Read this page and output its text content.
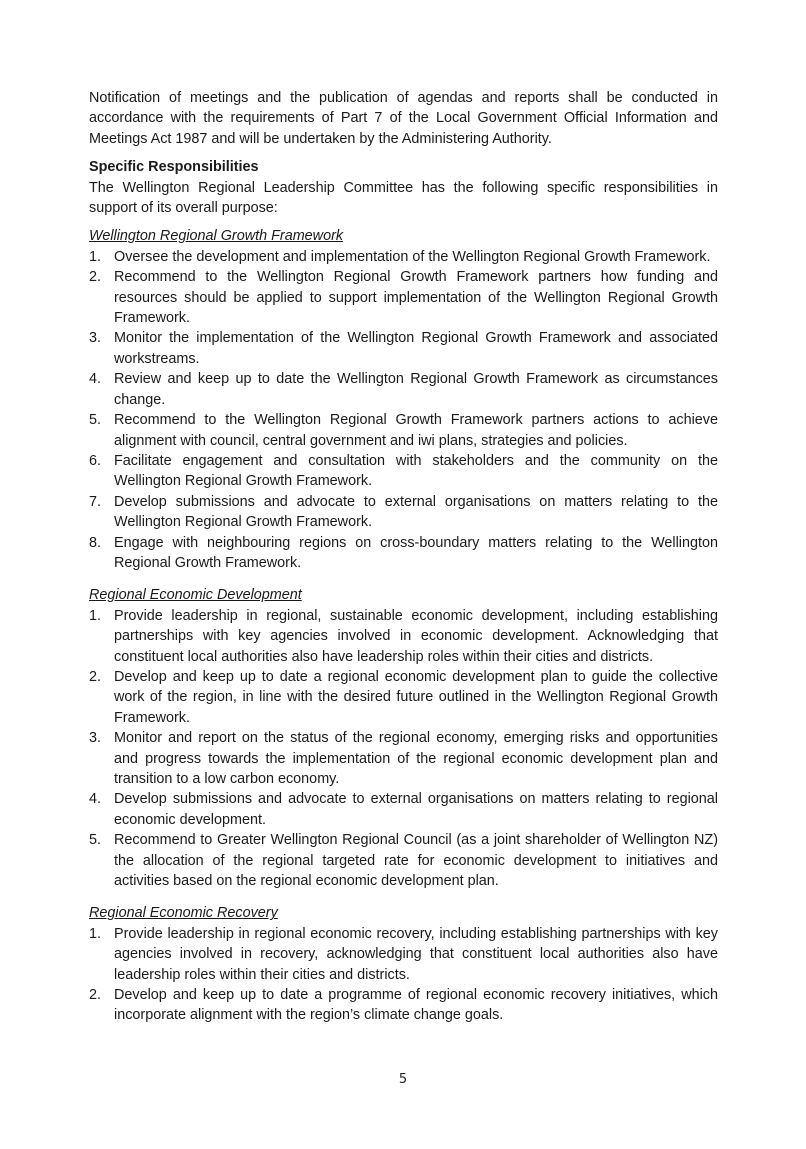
Notification of meetings and the publication of agendas and reports shall be conducted in accordance with the requirements of Part 7 of the Local Government Official Information and Meetings Act 1987 and will be undertaken by the Administering Authority.

Specific Responsibilities

The Wellington Regional Leadership Committee has the following specific responsibilities in support of its overall purpose:

Wellington Regional Growth Framework

1. Oversee the development and implementation of the Wellington Regional Growth Framework.
2. Recommend to the Wellington Regional Growth Framework partners how funding and resources should be applied to support implementation of the Wellington Regional Growth Framework.
3. Monitor the implementation of the Wellington Regional Growth Framework and associated workstreams.
4. Review and keep up to date the Wellington Regional Growth Framework as circumstances change.
5. Recommend to the Wellington Regional Growth Framework partners actions to achieve alignment with council, central government and iwi plans, strategies and policies.
6. Facilitate engagement and consultation with stakeholders and the community on the Wellington Regional Growth Framework.
7. Develop submissions and advocate to external organisations on matters relating to the Wellington Regional Growth Framework.
8. Engage with neighbouring regions on cross-boundary matters relating to the Wellington Regional Growth Framework.

Regional Economic Development

1. Provide leadership in regional, sustainable economic development, including establishing partnerships with key agencies involved in economic development. Acknowledging that constituent local authorities also have leadership roles within their cities and districts.
2. Develop and keep up to date a regional economic development plan to guide the collective work of the region, in line with the desired future outlined in the Wellington Regional Growth Framework.
3. Monitor and report on the status of the regional economy, emerging risks and opportunities and progress towards the implementation of the regional economic development plan and transition to a low carbon economy.
4. Develop submissions and advocate to external organisations on matters relating to regional economic development.
5. Recommend to Greater Wellington Regional Council (as a joint shareholder of Wellington NZ) the allocation of the regional targeted rate for economic development to initiatives and activities based on the regional economic development plan.

Regional Economic Recovery

1. Provide leadership in regional economic recovery, including establishing partnerships with key agencies involved in recovery, acknowledging that constituent local authorities also have leadership roles within their cities and districts.
2. Develop and keep up to date a programme of regional economic recovery initiatives, which incorporate alignment with the region’s climate change goals.
5
